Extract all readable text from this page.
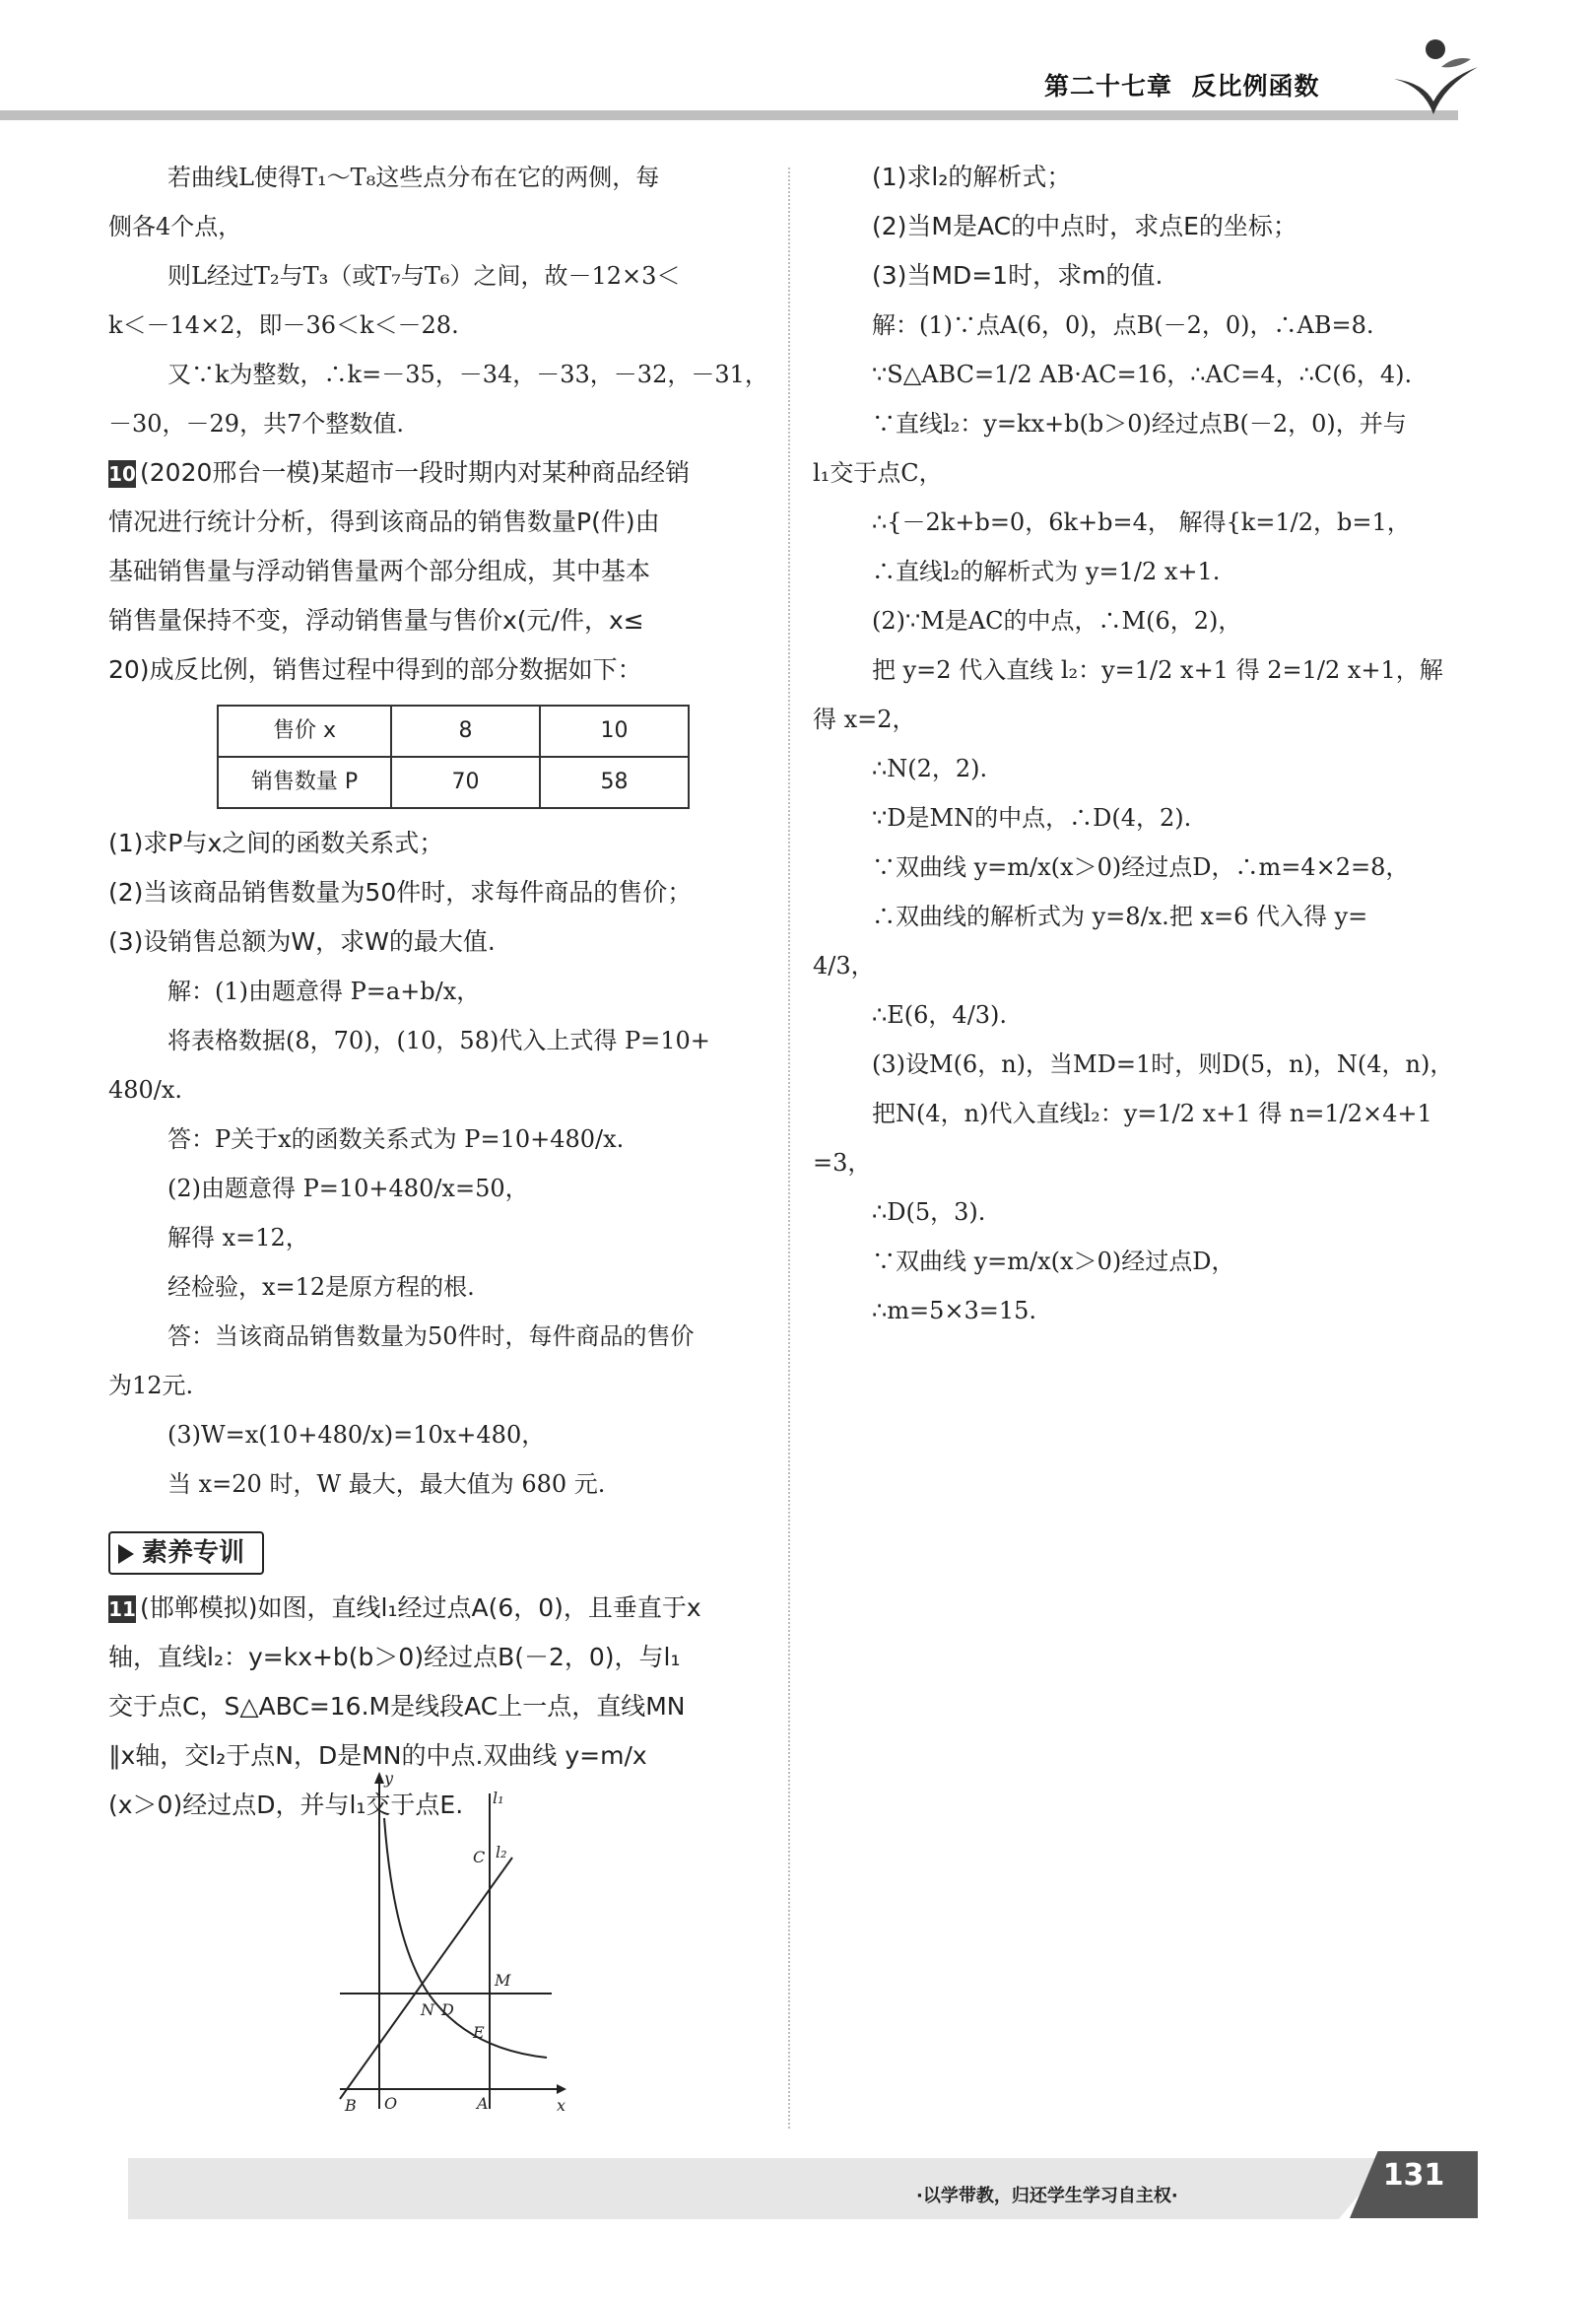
第二十七章 反比例函数

若曲线L使得T₁～T₈这些点分布在它的两侧，每

侧各4个点，

则L经过T₂与T₃（或T₇与T₆）之间，故－12×3＜

k＜－14×2，即－36＜k＜－28.

又∵k为整数，∴k=－35，－34，－33，－32，－31，

－30，－29，共7个整数值.

10 (2020邢台一模)某超市一段时期内对某种商品经销

情况进行统计分析，得到该商品的销售数量P(件)由

基础销售量与浮动销售量两个部分组成，其中基本

销售量保持不变，浮动销售量与售价x(元/件，x≤

20)成反比例，销售过程中得到的部分数据如下：

售价 x	8	10
销售数量 P	70	58

(1)求P与x之间的函数关系式；

(2)当该商品销售数量为50件时，求每件商品的售价；

(3)设销售总额为W，求W的最大值.

解：(1)由题意得 P=a+b/x，

将表格数据(8，70)，(10，58)代入上式得 P=10+

480/x.

答：P关于x的函数关系式为 P=10+480/x.

(2)由题意得 P=10+480/x=50，

解得 x=12，

经检验，x=12是原方程的根.

答：当该商品销售数量为50件时，每件商品的售价

为12元.

(3)W=x(10+480/x)=10x+480，

当 x=20 时，W 最大，最大值为 680 元.

素养专训

11 (邯郸模拟)如图，直线l₁经过点A(6，0)，且垂直于x

轴，直线l₂：y=kx+b(b＞0)经过点B(－2，0)，与l₁

交于点C，S△ABC=16.M是线段AC上一点，直线MN

∥x轴，交l₂于点N，D是MN的中点.双曲线 y=m/x

(x＞0)经过点D，并与l₁交于点E.

y
x
l₁
l₂
C
M
N D
E
B O	A

(1)求l₂的解析式；

(2)当M是AC的中点时，求点E的坐标；

(3)当MD=1时，求m的值.

解：(1)∵点A(6，0)，点B(－2，0)，∴AB=8.

∵S△ABC=1/2 AB·AC=16，∴AC=4，∴C(6，4).

∵直线l₂：y=kx+b(b＞0)经过点B(－2，0)，并与

l₁交于点C，

∴{－2k+b=0，6k+b=4， 解得{k=1/2，b=1，

∴直线l₂的解析式为 y=1/2 x+1.

(2)∵M是AC的中点，∴M(6，2)，

把 y=2 代入直线 l₂：y=1/2 x+1 得 2=1/2 x+1，解

得 x=2，

∴N(2，2).

∵D是MN的中点，∴D(4，2).

∵双曲线 y=m/x(x＞0)经过点D，∴m=4×2=8，

∴双曲线的解析式为 y=8/x.把 x=6 代入得 y=

4/3，

∴E(6，4/3).

(3)设M(6，n)，当MD=1时，则D(5，n)，N(4，n)，

把N(4，n)代入直线l₂：y=1/2 x+1 得 n=1/2×4+1

=3，

∴D(5，3).

∵双曲线 y=m/x(x＞0)经过点D，

∴m=5×3=15.

·以学带教，归还学生学习自主权·
131
